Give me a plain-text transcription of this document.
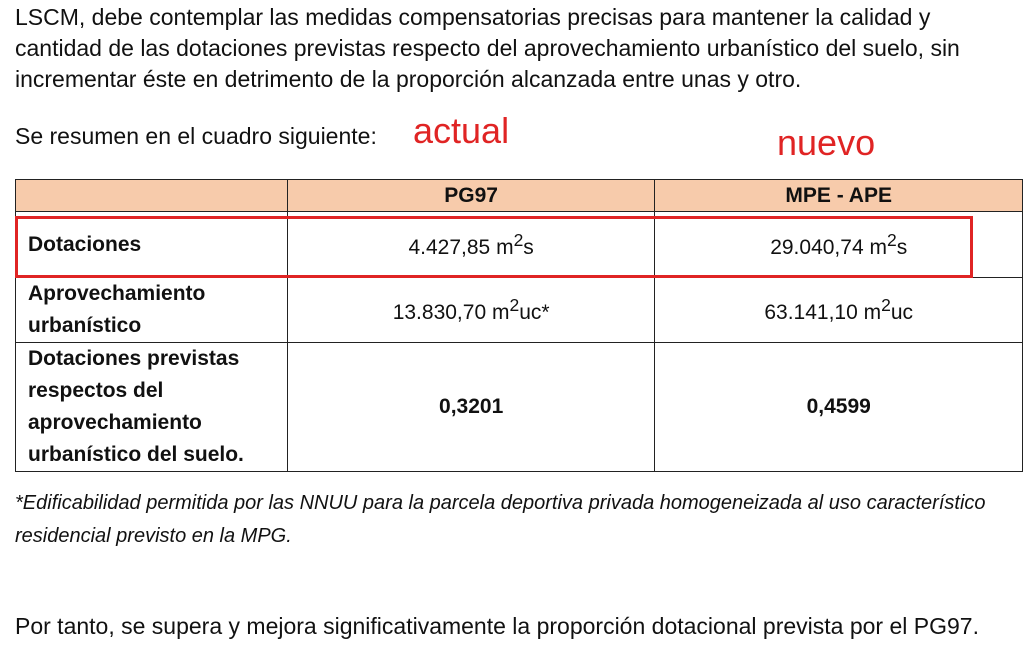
LSCM, debe contemplar las medidas compensatorias precisas para mantener la calidad y
cantidad de las dotaciones previstas respecto del aprovechamiento urbanístico del suelo, sin
incrementar éste en detrimento de la proporción alcanzada entre unas y otro.
Se resumen en el cuadro siguiente:	actual	nuevo
	PG97	MPE - APE
Dotaciones	4.427,85 $m^2s$	29.040,74 $m^2s$

Aprovechamiento
urbanístico	13.830,70 $m^2uc*$	63.141,10 $m^2uc$

Dotaciones previstas
respectos del
aprovechamiento
urbanístico del suelo.	0,3201	0,4599
*Edificabilidad permitida por las NNUU para la parcela deportiva privada homogeneizada al uso característico residencial previsto en la MPG.
Por tanto, se supera y mejora significativamente la proporción dotacional prevista por el PG97.
